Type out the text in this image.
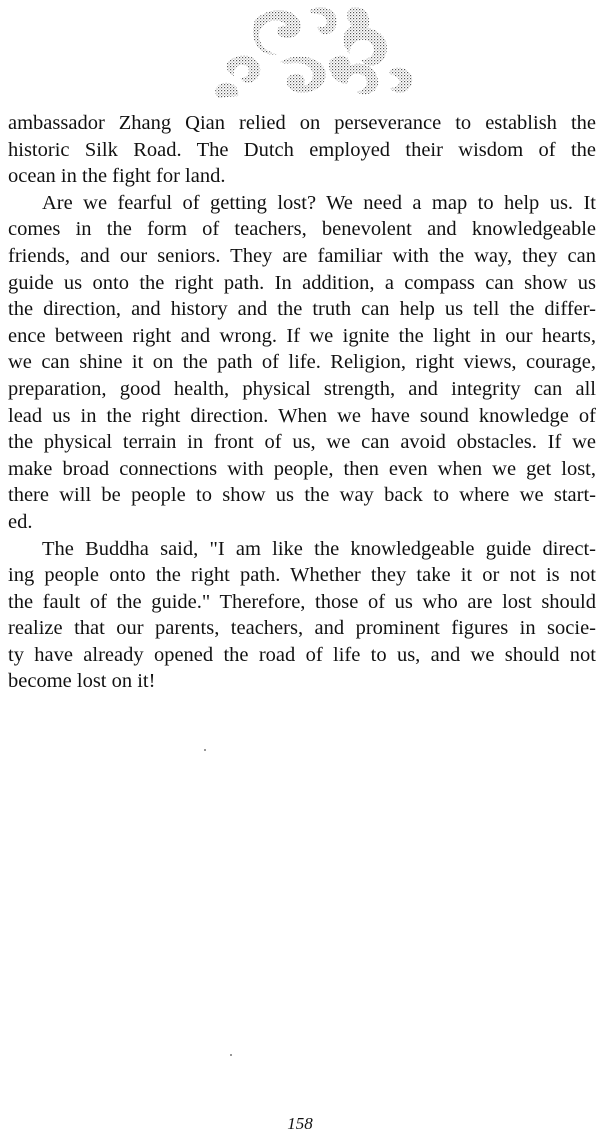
ambassador Zhang Qian relied on perseverance to establish the
historic Silk Road. The Dutch employed their wisdom of the
ocean in the fight for land.
Are we fearful of getting lost? We need a map to help us. It
comes in the form of teachers, benevolent and knowledgeable
friends, and our seniors. They are familiar with the way, they can
guide us onto the right path. In addition, a compass can show us
the direction, and history and the truth can help us tell the differ-
ence between right and wrong. If we ignite the light in our hearts,
we can shine it on the path of life. Religion, right views, courage,
preparation, good health, physical strength, and integrity can all
lead us in the right direction. When we have sound knowledge of
the physical terrain in front of us, we can avoid obstacles. If we
make broad connections with people, then even when we get lost,
there will be people to show us the way back to where we start-
ed.
The Buddha said, "I am like the knowledgeable guide direct-
ing people onto the right path. Whether they take it or not is not
the fault of the guide." Therefore, those of us who are lost should
realize that our parents, teachers, and prominent figures in socie-
ty have already opened the road of life to us, and we should not
become lost on it!
158
